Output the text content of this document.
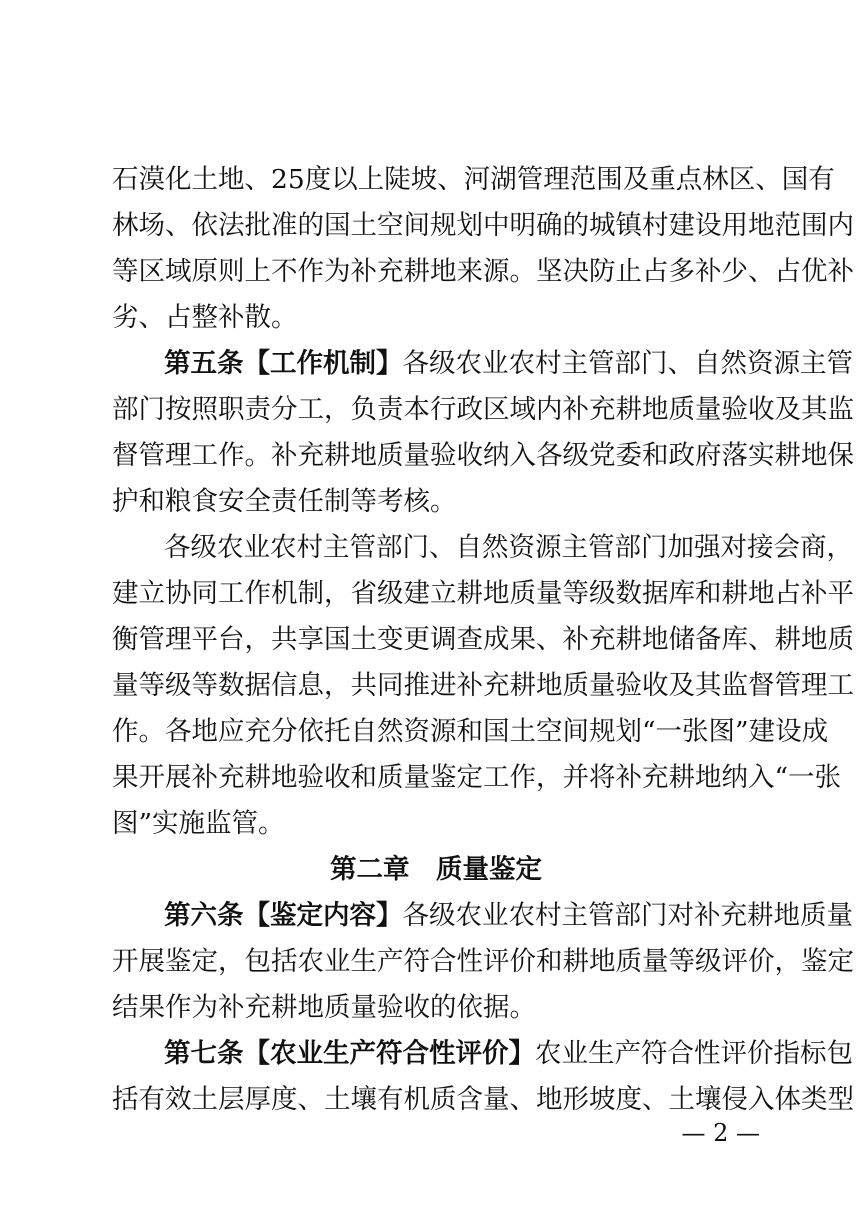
石漠化土地、25度以上陡坡、河湖管理范围及重点林区、国有
林场、依法批准的国土空间规划中明确的城镇村建设用地范围内
等区域原则上不作为补充耕地来源。坚决防止占多补少、占优补
劣、占整补散。
第五条【工作机制】各级农业农村主管部门、自然资源主管
部门按照职责分工，负责本行政区域内补充耕地质量验收及其监
督管理工作。补充耕地质量验收纳入各级党委和政府落实耕地保
护和粮食安全责任制等考核。
各级农业农村主管部门、自然资源主管部门加强对接会商，
建立协同工作机制，省级建立耕地质量等级数据库和耕地占补平
衡管理平台，共享国土变更调查成果、补充耕地储备库、耕地质
量等级等数据信息，共同推进补充耕地质量验收及其监督管理工
作。各地应充分依托自然资源和国土空间规划“一张图”建设成
果开展补充耕地验收和质量鉴定工作，并将补充耕地纳入“一张
图”实施监管。
第二章　质量鉴定
第六条【鉴定内容】各级农业农村主管部门对补充耕地质量
开展鉴定，包括农业生产符合性评价和耕地质量等级评价，鉴定
结果作为补充耕地质量验收的依据。
第七条【农业生产符合性评价】农业生产符合性评价指标包
括有效土层厚度、土壤有机质含量、地形坡度、土壤侵入体类型
— 2 —
